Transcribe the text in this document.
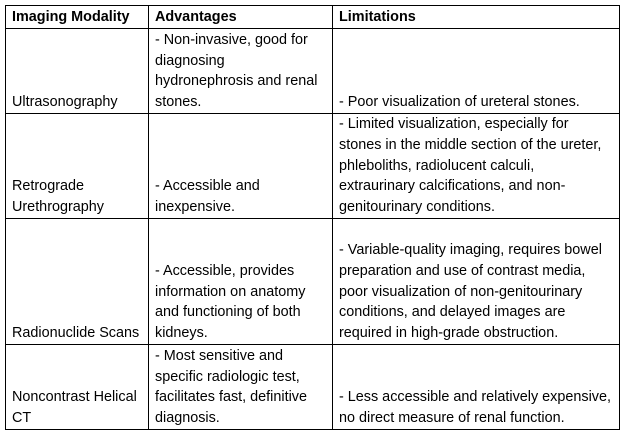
Imaging Modality	Advantages	Limitations
Ultrasonography	- Non-invasive, good for diagnosing hydronephrosis and renal stones.	- Poor visualization of ureteral stones.
Retrograde Urethrography	- Accessible and inexpensive.	- Limited visualization, especially for stones in the middle section of the ureter, phleboliths, radiolucent calculi, extraurinary calcifications, and non-genitourinary conditions.
Radionuclide Scans	- Accessible, provides information on anatomy and functioning of both kidneys.	- Variable-quality imaging, requires bowel preparation and use of contrast media, poor visualization of non-genitourinary conditions, and delayed images are required in high-grade obstruction.
Noncontrast Helical CT	- Most sensitive and specific radiologic test, facilitates fast, definitive diagnosis.	- Less accessible and relatively expensive, no direct measure of renal function.
